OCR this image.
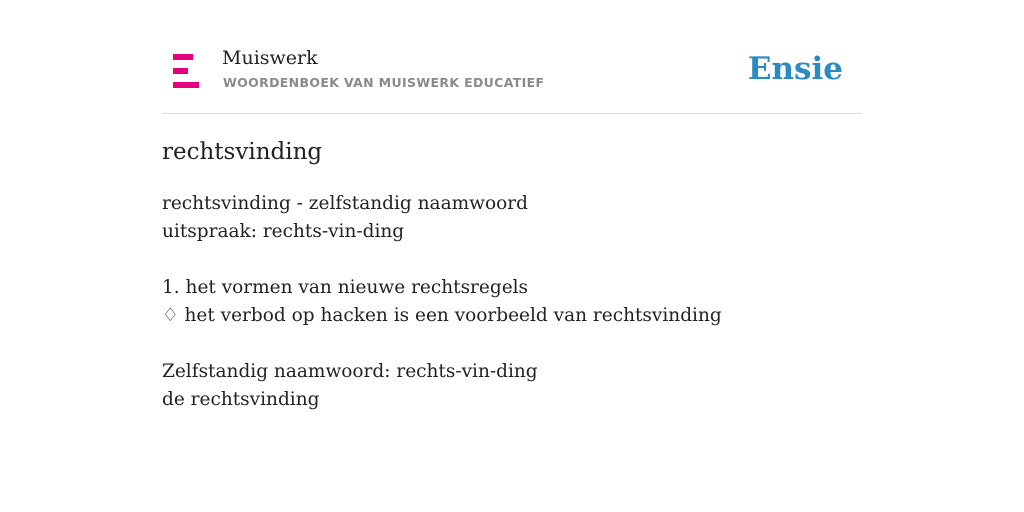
Muiswerk
WOORDENBOEK VAN MUISWERK EDUCATIEF	Ensie
rechtsvinding
rechtsvinding - zelfstandig naamwoord
uitspraak: rechts-vin-ding
1. het vormen van nieuwe rechtsregels
♢ het verbod op hacken is een voorbeeld van rechtsvinding
Zelfstandig naamwoord: rechts-vin-ding
de rechtsvinding
